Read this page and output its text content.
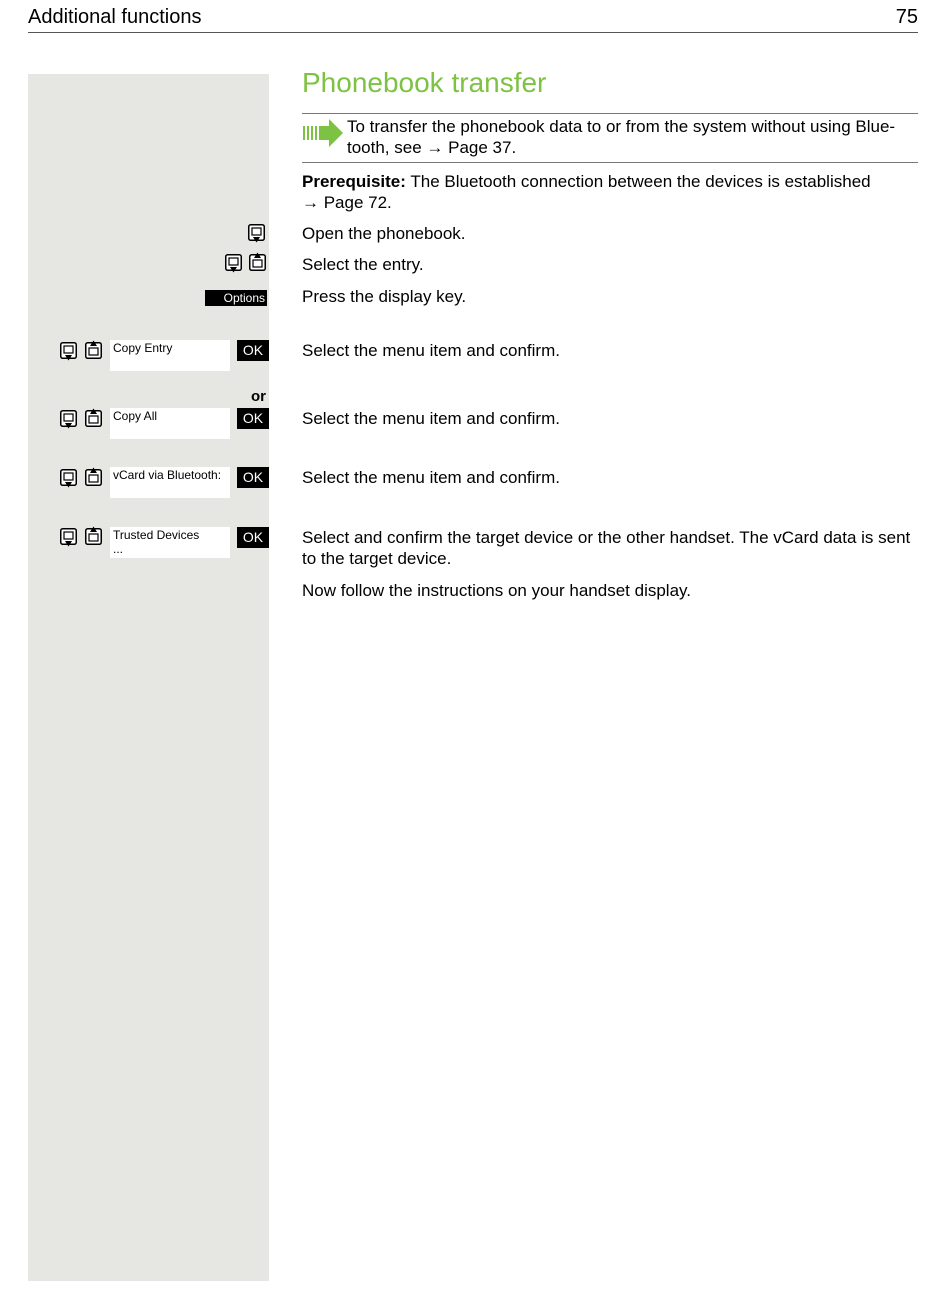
Additional functions	75
Phonebook transfer
To transfer the phonebook data to or from the system without using Blue-
tooth, see → Page 37.
Prerequisite: The Bluetooth connection between the devices is established
→ Page 72.
Open the phonebook.
Select the entry.
Options Press the display key.
Copy Entry	OK	Select the menu item and confirm.
or
Copy All	OK	Select the menu item and confirm.
vCard via Bluetooth:	OK	Select the menu item and confirm.
Trusted Devices
...
OK	Select and confirm the target device or the other handset. The vCard data is sent
to the target device.
Now follow the instructions on your handset display.
